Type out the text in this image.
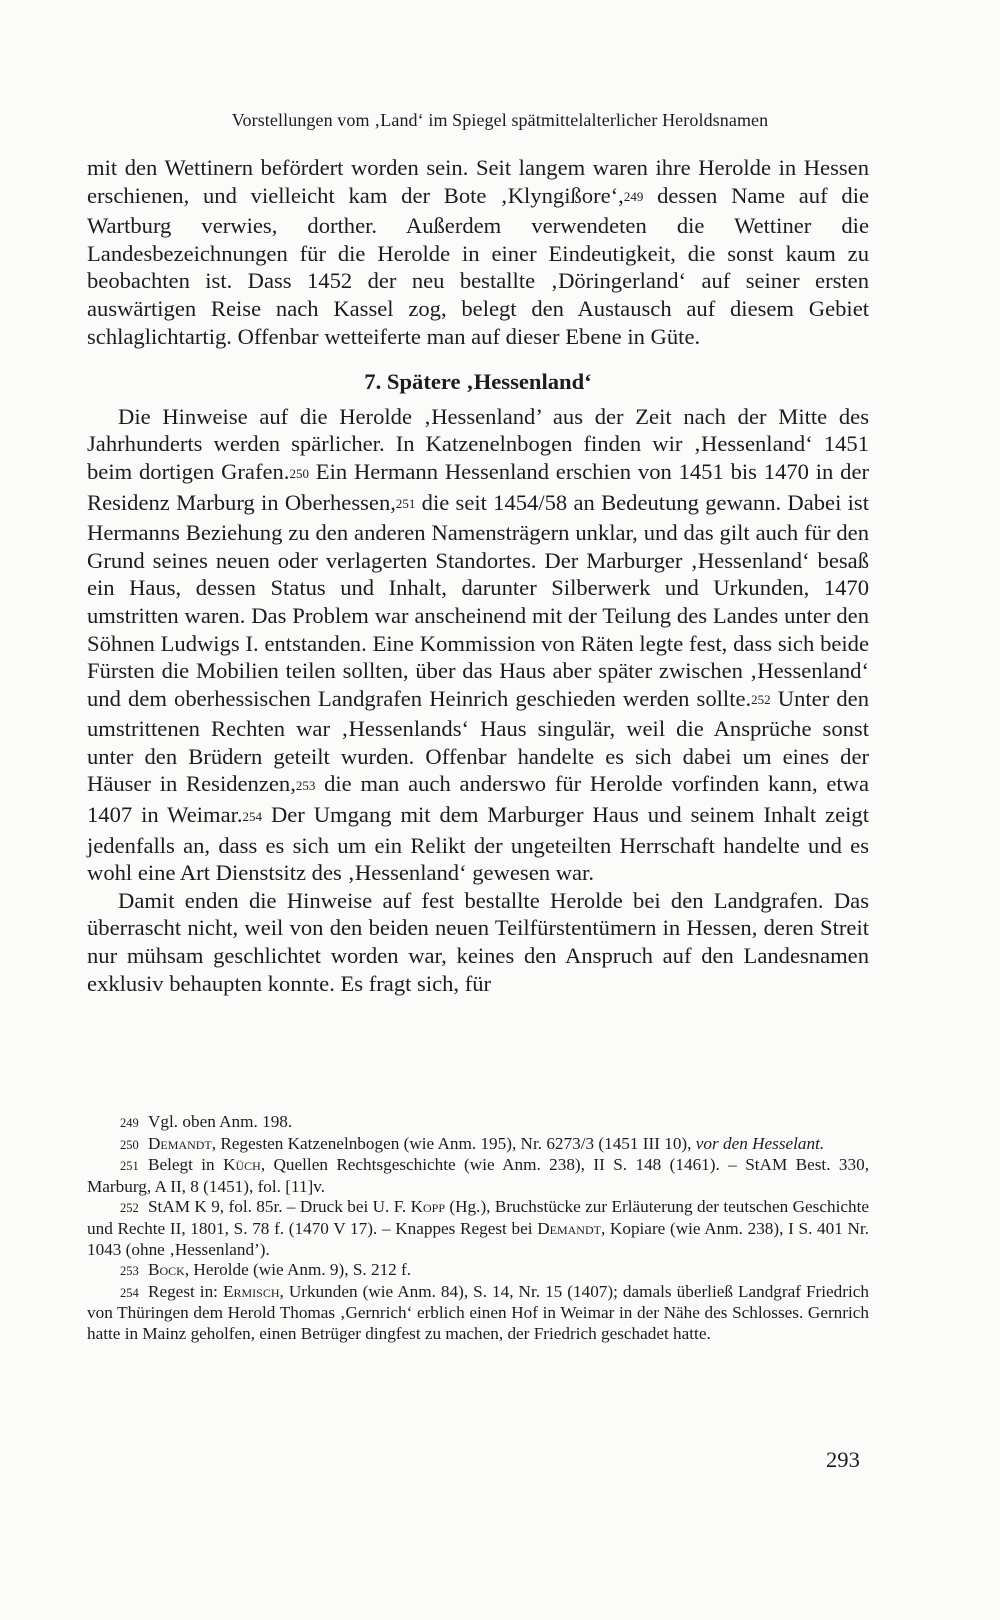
Vorstellungen vom ‚Land‘ im Spiegel spätmittelalterlicher Heroldsnamen

mit den Wettinern befördert worden sein. Seit langem waren ihre Herolde in Hessen erschienen, und vielleicht kam der Bote ‚Klyngißore‘,249 dessen Name auf die Wartburg verwies, dorther. Außerdem verwendeten die Wettiner die Landesbezeichnungen für die Herolde in einer Eindeutigkeit, die sonst kaum zu beobachten ist. Dass 1452 der neu bestallte ‚Döringerland‘ auf seiner ersten auswärtigen Reise nach Kassel zog, belegt den Austausch auf diesem Gebiet schlaglichtartig. Offenbar wetteiferte man auf dieser Ebene in Güte.

7. Spätere ‚Hessenland‘

Die Hinweise auf die Herolde ‚Hessenland’ aus der Zeit nach der Mitte des Jahrhunderts werden spärlicher. In Katzenelnbogen finden wir ‚Hessenland‘ 1451 beim dortigen Grafen.250 Ein Hermann Hessenland erschien von 1451 bis 1470 in der Residenz Marburg in Oberhessen,251 die seit 1454/58 an Bedeutung gewann. Dabei ist Hermanns Beziehung zu den anderen Namensträgern unklar, und das gilt auch für den Grund seines neuen oder verlagerten Standortes. Der Marburger ‚Hessenland‘ besaß ein Haus, dessen Status und Inhalt, darunter Silberwerk und Urkunden, 1470 umstritten waren. Das Problem war anscheinend mit der Teilung des Landes unter den Söhnen Ludwigs I. entstanden. Eine Kommission von Räten legte fest, dass sich beide Fürsten die Mobilien teilen sollten, über das Haus aber später zwischen ‚Hessenland‘ und dem oberhessischen Landgrafen Heinrich geschieden werden sollte.252 Unter den umstrittenen Rechten war ‚Hessenlands‘ Haus singulär, weil die Ansprüche sonst unter den Brüdern geteilt wurden. Offenbar handelte es sich dabei um eines der Häuser in Residenzen,253 die man auch anderswo für Herolde vorfinden kann, etwa 1407 in Weimar.254 Der Umgang mit dem Marburger Haus und seinem Inhalt zeigt jedenfalls an, dass es sich um ein Relikt der ungeteilten Herrschaft handelte und es wohl eine Art Dienstsitz des ‚Hessenland‘ gewesen war.

Damit enden die Hinweise auf fest bestallte Herolde bei den Landgrafen. Das überrascht nicht, weil von den beiden neuen Teilfürstentümern in Hessen, deren Streit nur mühsam geschlichtet worden war, keines den Anspruch auf den Landesnamen exklusiv behaupten konnte. Es fragt sich, für

249 Vgl. oben Anm. 198.

250 Demandt, Regesten Katzenelnbogen (wie Anm. 195), Nr. 6273/3 (1451 III 10), vor den Hesselant.

251 Belegt in Küch, Quellen Rechtsgeschichte (wie Anm. 238), II S. 148 (1461). – StAM Best. 330, Marburg, A II, 8 (1451), fol. [11]v.

252 StAM K 9, fol. 85r. – Druck bei U. F. Kopp (Hg.), Bruchstücke zur Erläuterung der teutschen Geschichte und Rechte II, 1801, S. 78 f. (1470 V 17). – Knappes Regest bei Demandt, Kopiare (wie Anm. 238), I S. 401 Nr. 1043 (ohne ‚Hessenland’).

253 Bock, Herolde (wie Anm. 9), S. 212 f.

254 Regest in: Ermisch, Urkunden (wie Anm. 84), S. 14, Nr. 15 (1407); damals überließ Landgraf Friedrich von Thüringen dem Herold Thomas ‚Gernrich‘ erblich einen Hof in Weimar in der Nähe des Schlosses. Gernrich hatte in Mainz geholfen, einen Betrüger dingfest zu machen, der Friedrich geschadet hatte.

293
